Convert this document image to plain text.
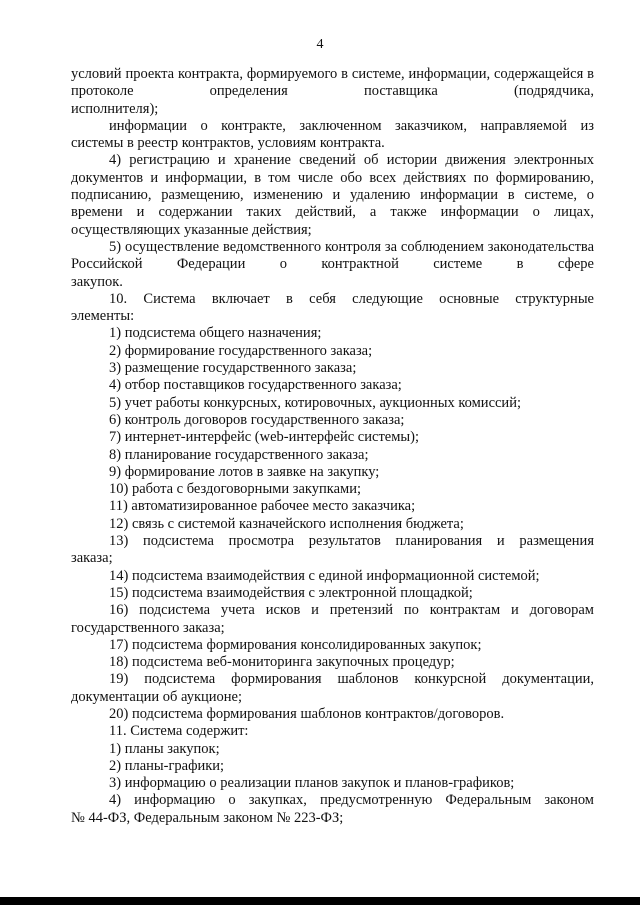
4

условий проекта контракта, формируемого в системе, информации, содержащейся в протоколе определения поставщика (подрядчика,

исполнителя);

информации о контракте, заключенном заказчиком, направляемой из

системы в реестр контрактов, условиям контракта.

4) регистрацию и хранение сведений об истории движения электронных документов и информации, в том числе обо всех действиях по формированию, подписанию, размещению, изменению и удалению информации в системе, о времени и содержании таких действий, а также информации о лицах,

осуществляющих указанные действия;

5) осуществление ведомственного контроля за соблюдением законодательства Российской Федерации о контрактной системе в сфере

закупок.

10. Система включает в себя следующие основные структурные

элементы:

1) подсистема общего назначения;

2) формирование государственного заказа;

3) размещение государственного заказа;

4) отбор поставщиков государственного заказа;

5) учет работы конкурсных, котировочных, аукционных комиссий;

6) контроль договоров государственного заказа;

7) интернет-интерфейс (web-интерфейс системы);

8) планирование государственного заказа;

9) формирование лотов в заявке на закупку;

10) работа с бездоговорными закупками;

11) автоматизированное рабочее место заказчика;

12) связь с системой казначейского исполнения бюджета;

13) подсистема просмотра результатов планирования и размещения

заказа;

14) подсистема взаимодействия с единой информационной системой;

15) подсистема взаимодействия с электронной площадкой;

16) подсистема учета исков и претензий по контрактам и договорам

государственного заказа;

17) подсистема формирования консолидированных закупок;

18) подсистема веб-мониторинга закупочных процедур;

19) подсистема формирования шаблонов конкурсной документации,

документации об аукционе;

20) подсистема формирования шаблонов контрактов/договоров.

11. Система содержит:

1) планы закупок;

2) планы-графики;

3) информацию о реализации планов закупок и планов-графиков;

4) информацию о закупках, предусмотренную Федеральным законом

№ 44-ФЗ, Федеральным законом № 223-ФЗ;
